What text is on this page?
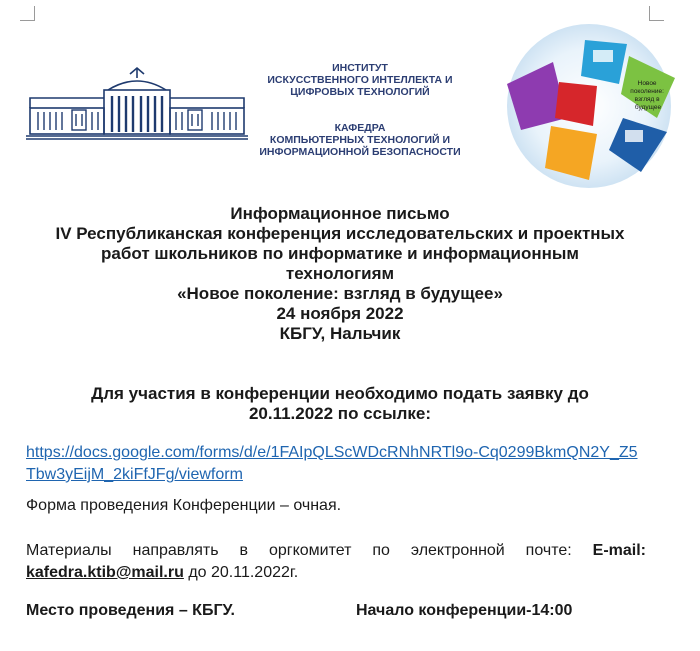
ИНСТИТУТ
ИСКУССТВЕННОГО ИНТЕЛЛЕКТА И
ЦИФРОВЫХ ТЕХНОЛОГИЙ
КАФЕДРА
КОМПЬЮТЕРНЫХ ТЕХНОЛОГИЙ И
ИНФОРМАЦИОННОЙ БЕЗОПАСНОСТИ
Новое поколение: взгляд в будущее
Информационное письмо
IV Республиканская конференция исследовательских и проектных
работ школьников по информатике и информационным
технологиям
«Новое поколение: взгляд в будущее»
24 ноября 2022
КБГУ, Нальчик
Для участия в конференции необходимо подать заявку до
20.11.2022 по ссылке:
https://docs.google.com/forms/d/e/1FAIpQLScWDcRNhNRTl9o-Cq0299BkmQN2Y_Z5Tbw3yEijM_2kiFfJFg/viewform
Форма проведения Конференции – очная.
Материалы направлять в оргкомитет по электронной почте: E-mail: kafedra.ktib@mail.ru до 20.11.2022г.
Место проведения – КБГУ.	Начало конференции-14:00
